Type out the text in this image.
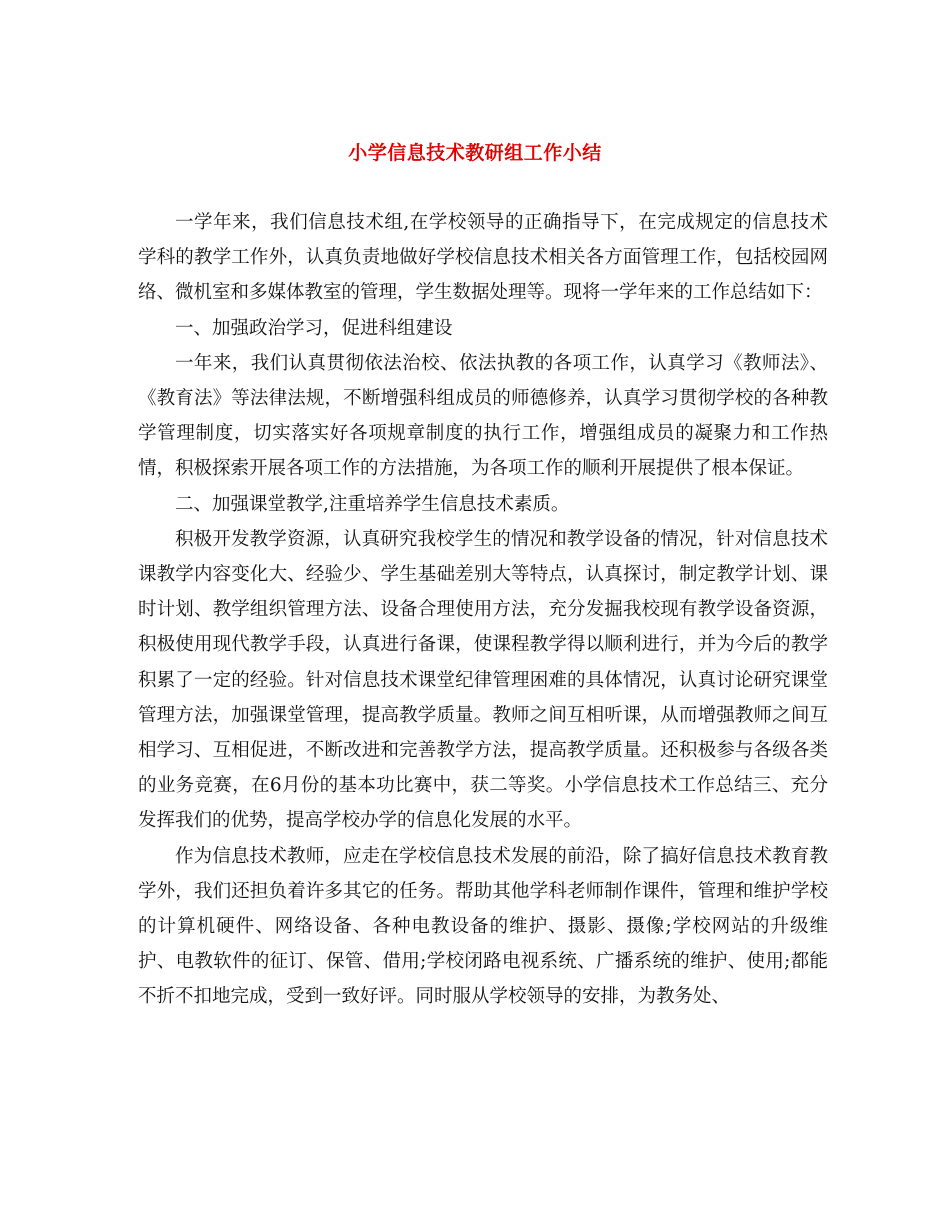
小学信息技术教研组工作小结

一学年来，我们信息技术组,在学校领导的正确指导下，在完成规定的信息技术学科的教学工作外，认真负责地做好学校信息技术相关各方面管理工作，包括校园网络、微机室和多媒体教室的管理，学生数据处理等。现将一学年来的工作总结如下：

一、加强政治学习，促进科组建设

一年来，我们认真贯彻依法治校、依法执教的各项工作，认真学习《教师法》、《教育法》等法律法规，不断增强科组成员的师德修养，认真学习贯彻学校的各种教学管理制度，切实落实好各项规章制度的执行工作，增强组成员的凝聚力和工作热情，积极探索开展各项工作的方法措施，为各项工作的顺利开展提供了根本保证。

二、加强课堂教学,注重培养学生信息技术素质。

积极开发教学资源，认真研究我校学生的情况和教学设备的情况，针对信息技术课教学内容变化大、经验少、学生基础差别大等特点，认真探讨，制定教学计划、课时计划、教学组织管理方法、设备合理使用方法，充分发掘我校现有教学设备资源，积极使用现代教学手段，认真进行备课，使课程教学得以顺利进行，并为今后的教学积累了一定的经验。针对信息技术课堂纪律管理困难的具体情况，认真讨论研究课堂管理方法，加强课堂管理，提高教学质量。教师之间互相听课，从而增强教师之间互相学习、互相促进，不断改进和完善教学方法，提高教学质量。还积极参与各级各类的业务竞赛，在6月份的基本功比赛中，获二等奖。小学信息技术工作总结三、充分发挥我们的优势，提高学校办学的信息化发展的水平。

作为信息技术教师，应走在学校信息技术发展的前沿，除了搞好信息技术教育教学外，我们还担负着许多其它的任务。帮助其他学科老师制作课件，管理和维护学校的计算机硬件、网络设备、各种电教设备的维护、摄影、摄像;学校网站的升级维护、电教软件的征订、保管、借用;学校闭路电视系统、广播系统的维护、使用;都能不折不扣地完成，受到一致好评。同时服从学校领导的安排，为教务处、
